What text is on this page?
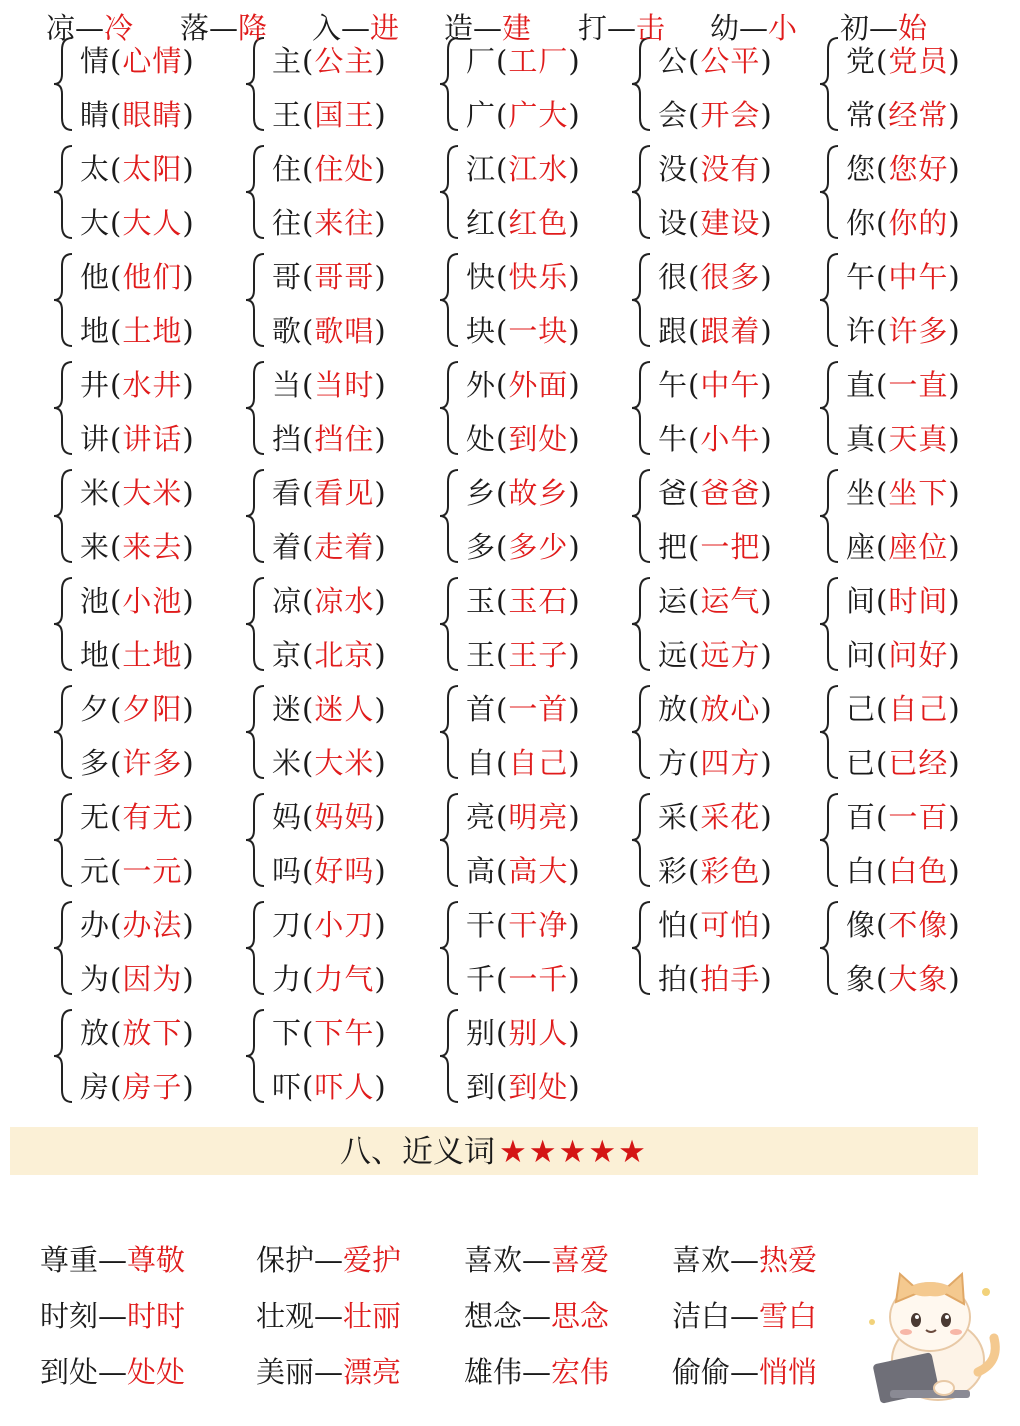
情(心情)
睛(眼睛)
主(公主)
王(国王)
厂(工厂)
广(广大)
公(公平)
会(开会)
党(党员)
常(经常)
太(太阳)
大(大人)
住(住处)
往(来往)
江(江水)
红(红色)
没(没有)
设(建设)
您(您好)
你(你的)
他(他们)
地(土地)
哥(哥哥)
歌(歌唱)
快(快乐)
块(一块)
很(很多)
跟(跟着)
午(中午)
许(许多)
井(水井)
讲(讲话)
当(当时)
挡(挡住)
外(外面)
处(到处)
午(中午)
牛(小牛)
直(一直)
真(天真)
米(大米)
来(来去)
看(看见)
着(走着)
乡(故乡)
多(多少)
爸(爸爸)
把(一把)
坐(坐下)
座(座位)
池(小池)
地(土地)
凉(凉水)
京(北京)
玉(玉石)
王(王子)
运(运气)
远(远方)
间(时间)
问(问好)
夕(夕阳)
多(许多)
迷(迷人)
米(大米)
首(一首)
自(自己)
放(放心)
方(四方)
己(自己)
已(已经)
无(有无)
元(一元)
妈(妈妈)
吗(好吗)
亮(明亮)
高(高大)
采(采花)
彩(彩色)
百(一百)
白(白色)
办(办法)
为(因为)
刀(小刀)
力(力气)
干(干净)
千(一千)
怕(可怕)
拍(拍手)
像(不像)
象(大象)
放(放下)
房(房子)
下(下午)
吓(吓人)
别(别人)
到(到处)
八、近义词 ★★★★★
凉—冷 落—降 入—进 造—建 打—击 幼—小 初—始
尊重—尊敬 保护—爱护 喜欢—喜爱 喜欢—热爱
时刻—时时 壮观—壮丽 想念—思念 洁白—雪白
到处—处处 美丽—漂亮 雄伟—宏伟 偷偷—悄悄
